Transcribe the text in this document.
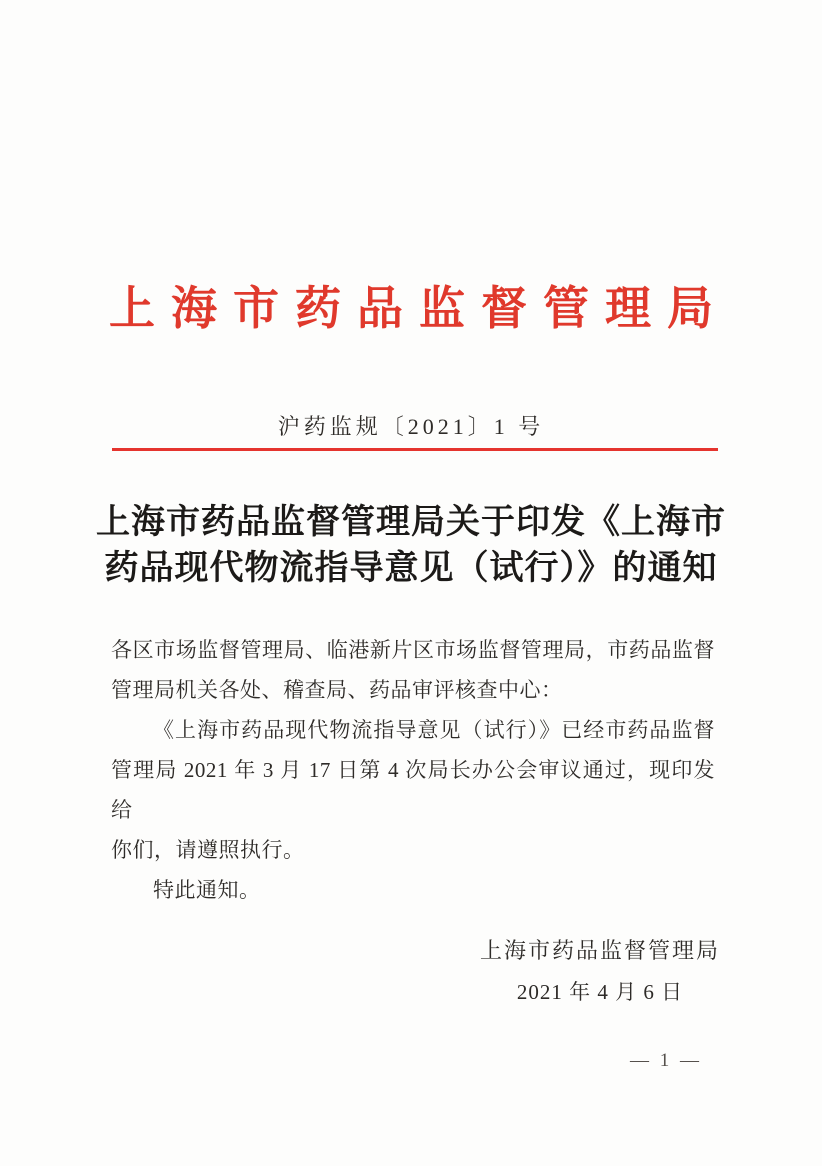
上海市药品监督管理局
沪药监规〔2021〕1 号
上海市药品监督管理局关于印发《上海市
药品现代物流指导意见（试行）》的通知
各区市场监督管理局、临港新片区市场监督管理局，市药品监督
管理局机关各处、稽查局、药品审评核查中心：
《上海市药品现代物流指导意见（试行）》已经市药品监督
管理局 2021 年 3 月 17 日第 4 次局长办公会审议通过，现印发给
你们，请遵照执行。
特此通知。
上海市药品监督管理局
2021 年 4 月 6 日
— 1 —
